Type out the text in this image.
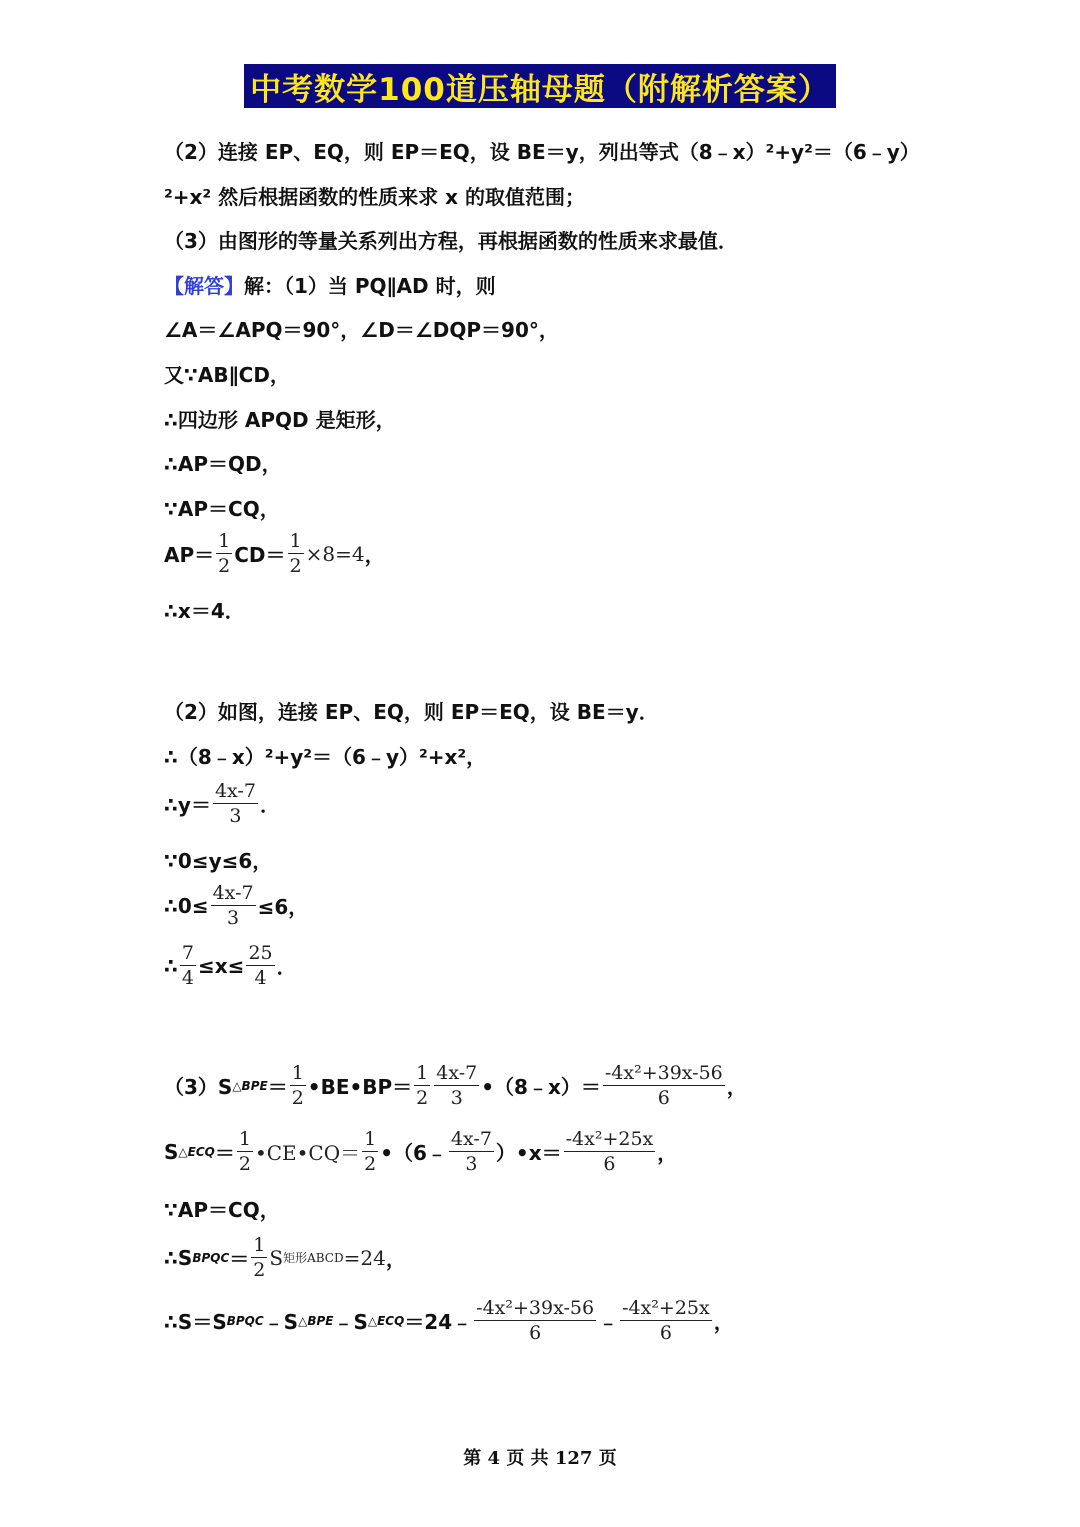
中考数学100道压轴母题（附解析答案）
（2）连接 EP、EQ，则 EP＝EQ，设 BE＝y，列出等式（8﹣x）²+y²＝（6﹣y）
²+x² 然后根据函数的性质来求 x 的取值范围；
（3）由图形的等量关系列出方程，再根据函数的性质来求最值．
【解答】 解：（1）当 PQ∥AD 时，则
∠A＝∠APQ＝90°，∠D＝∠DQP＝90°，
又∵AB∥CD，
∴四边形 APQD 是矩形，
∴AP＝QD，
∵AP＝CQ，
$AP= \frac{1}{2} CD= \frac{1}{2} \times 8=4$ ，
∴x＝4．
（2）如图，连接 EP、EQ，则 EP＝EQ，设 BE＝y．
∴（8﹣x）²+y²＝（6﹣y）²+x²，
∴y＝ $\frac{4x-7}{3}$ ．
∵0≤y≤6，
∴0≤ $\frac{4x-7}{3} \le 6$，
∴ $\frac{7}{4} \le x\le \frac{25}{4}$ ．
（3）S △BPE ＝ $\frac{1}{2}$ •BE•BP＝ $\frac{1}{2} \frac{4x-7}{3}$ •（8﹣x）＝ $\frac{\text{-4x²+39x-56}}{6}$ ，
S △ECQ ＝ $\frac{1}{2}$ •CE•CQ＝ $\frac{1}{2}$ •（6﹣ $\frac{4x-7}{3}$ ）•x＝ $\frac{\text{-4x²+25x}}{6}$ ，
∵AP＝CQ，
∴S BPQC ＝ $\frac{1}{2}$ S 矩形ABCD =24 ，
∴S＝S BPQC ﹣S △BPE ﹣S △ECQ ＝24﹣ $\frac{\text{-4x²+39x-56}}{6}$ ﹣ $\frac{\text{-4x²+25x}}{6}$ ，
第 4 页 共 127 页
